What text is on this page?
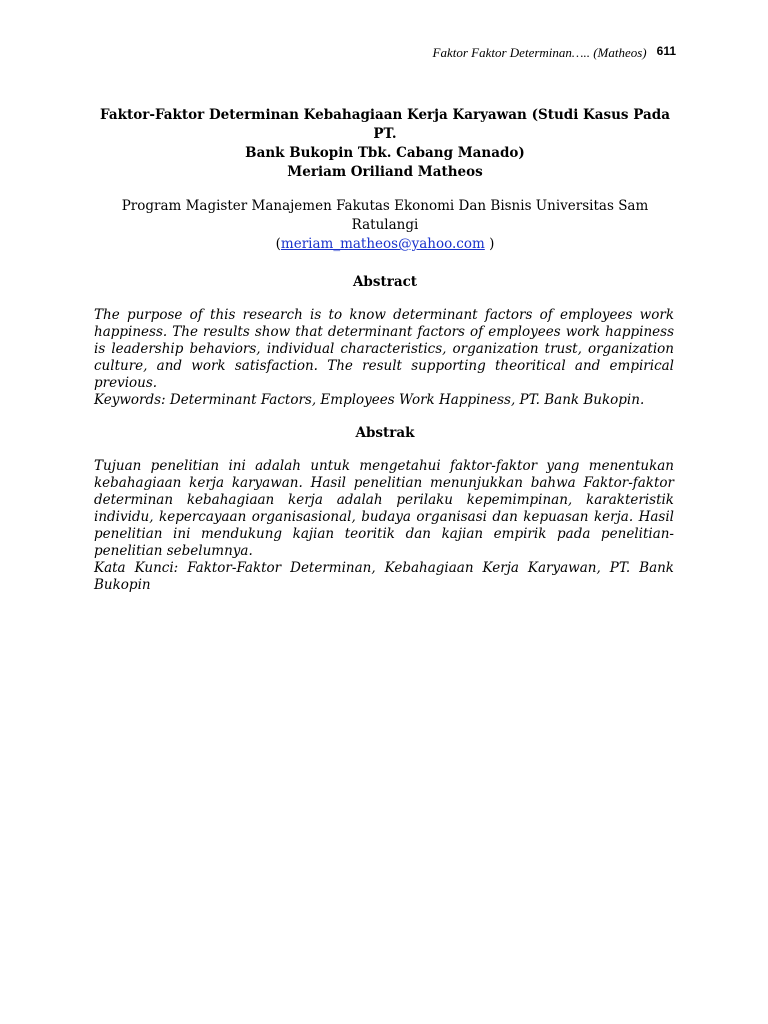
Faktor Faktor Determinan….. (Matheos) 611
Faktor-Faktor Determinan Kebahagiaan Kerja Karyawan (Studi Kasus Pada PT.
Bank Bukopin Tbk. Cabang Manado)
Meriam Oriliand Matheos
Program Magister Manajemen Fakutas Ekonomi Dan Bisnis Universitas Sam Ratulangi
(meriam_matheos@yahoo.com )
Abstract
The purpose of this research is to know determinant factors of employees work happiness. The results show that determinant factors of employees work happiness is leadership behaviors, individual characteristics, organization trust, organization culture, and work satisfaction. The result supporting theoritical and empirical previous.
Keywords: Determinant Factors, Employees Work Happiness, PT. Bank Bukopin.
Abstrak
Tujuan penelitian ini adalah untuk mengetahui faktor-faktor yang menentukan kebahagiaan kerja karyawan. Hasil penelitian menunjukkan bahwa Faktor-faktor determinan kebahagiaan kerja adalah perilaku kepemimpinan, karakteristik individu, kepercayaan organisasional, budaya organisasi dan kepuasan kerja. Hasil penelitian ini mendukung kajian teoritik dan kajian empirik pada penelitian-penelitian sebelumnya.
Kata Kunci: Faktor-Faktor Determinan, Kebahagiaan Kerja Karyawan, PT. Bank Bukopin
